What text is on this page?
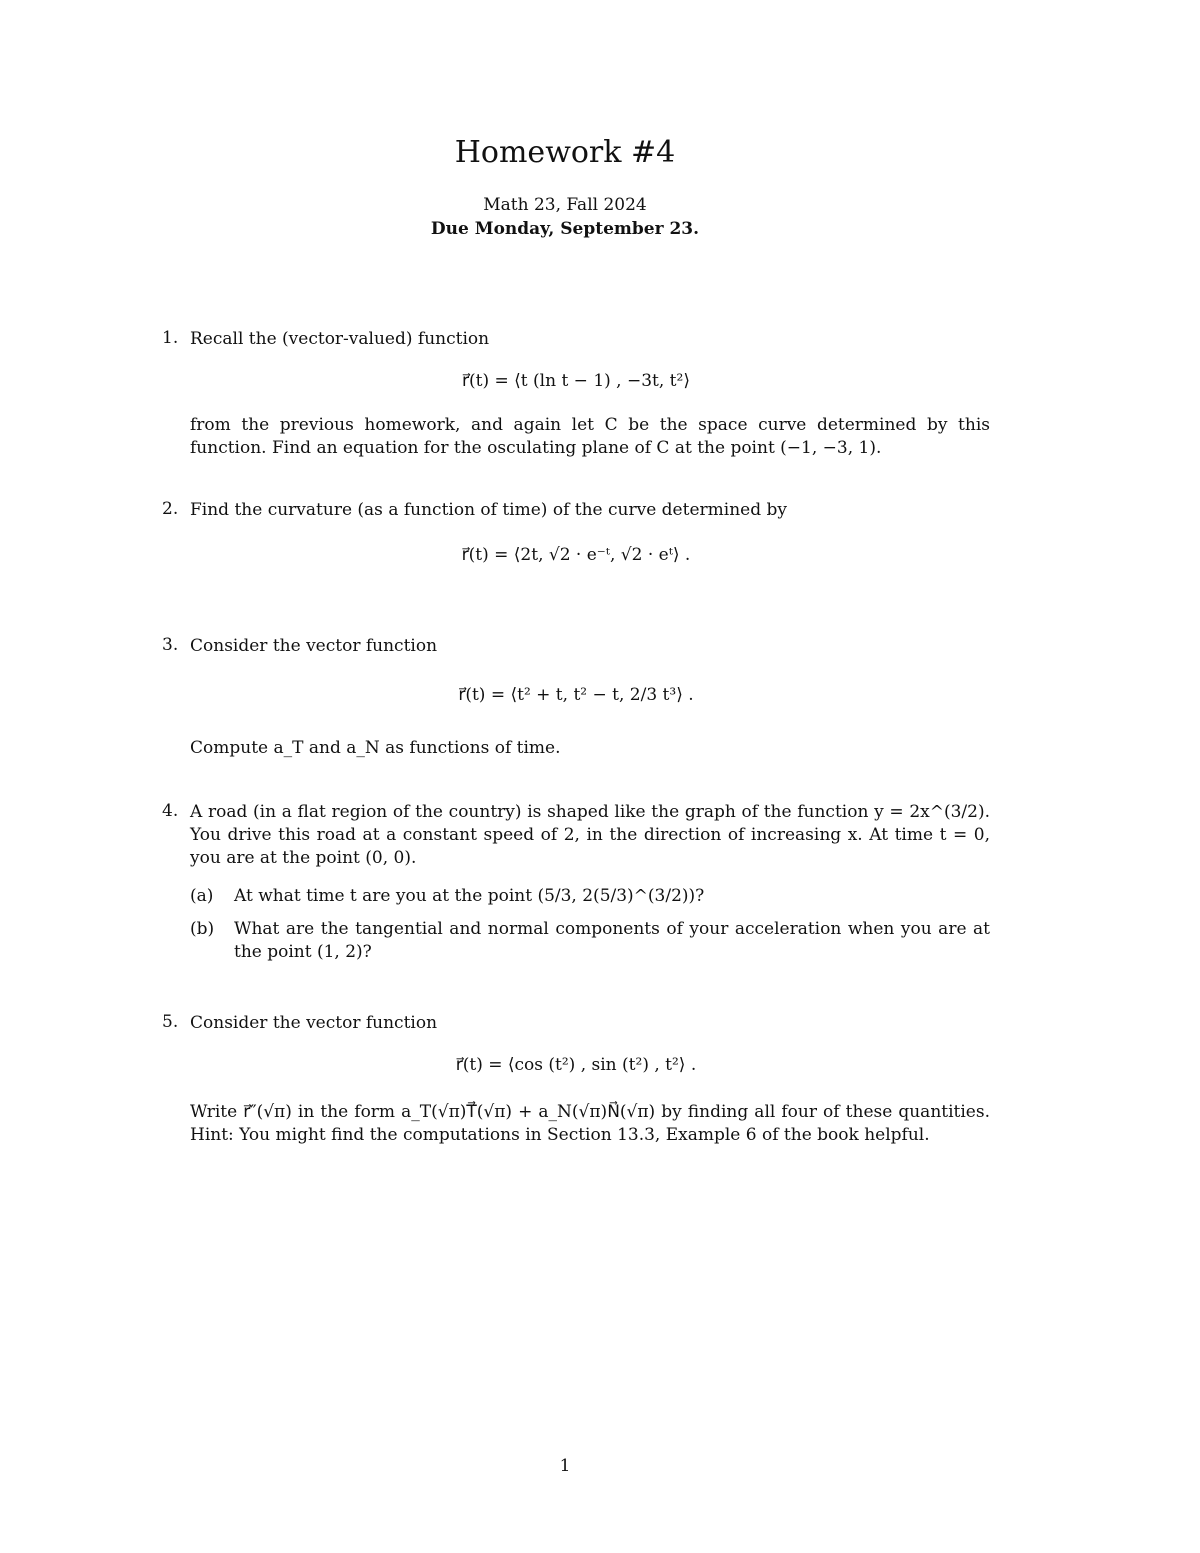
Homework #4
Math 23, Fall 2024
Due Monday, September 23.
1. Recall the (vector-valued) function
r⃗(t) = ⟨t (ln t − 1) , −3t, t²⟩
from the previous homework, and again let C be the space curve determined by this function. Find an equation for the osculating plane of C at the point (−1, −3, 1).
2. Find the curvature (as a function of time) of the curve determined by
r⃗(t) = ⟨2t, √2 · e⁻ᵗ, √2 · eᵗ⟩ .
3. Consider the vector function
r⃗(t) = ⟨t² + t, t² − t, 2/3 t³⟩ .
Compute a_T and a_N as functions of time.
4. A road (in a flat region of the country) is shaped like the graph of the function y = 2x^(3/2). You drive this road at a constant speed of 2, in the direction of increasing x. At time t = 0, you are at the point (0, 0).
(a)	At what time t are you at the point (5/3, 2(5/3)^(3/2))?
(b)	What are the tangential and normal components of your acceleration when you are at the point (1, 2)?
5. Consider the vector function
r⃗(t) = ⟨cos (t²) , sin (t²) , t²⟩ .
Write r⃗″(√π) in the form a_T(√π)T⃗(√π) + a_N(√π)N⃗(√π) by finding all four of these quantities. Hint: You might find the computations in Section 13.3, Example 6 of the book helpful.
1
